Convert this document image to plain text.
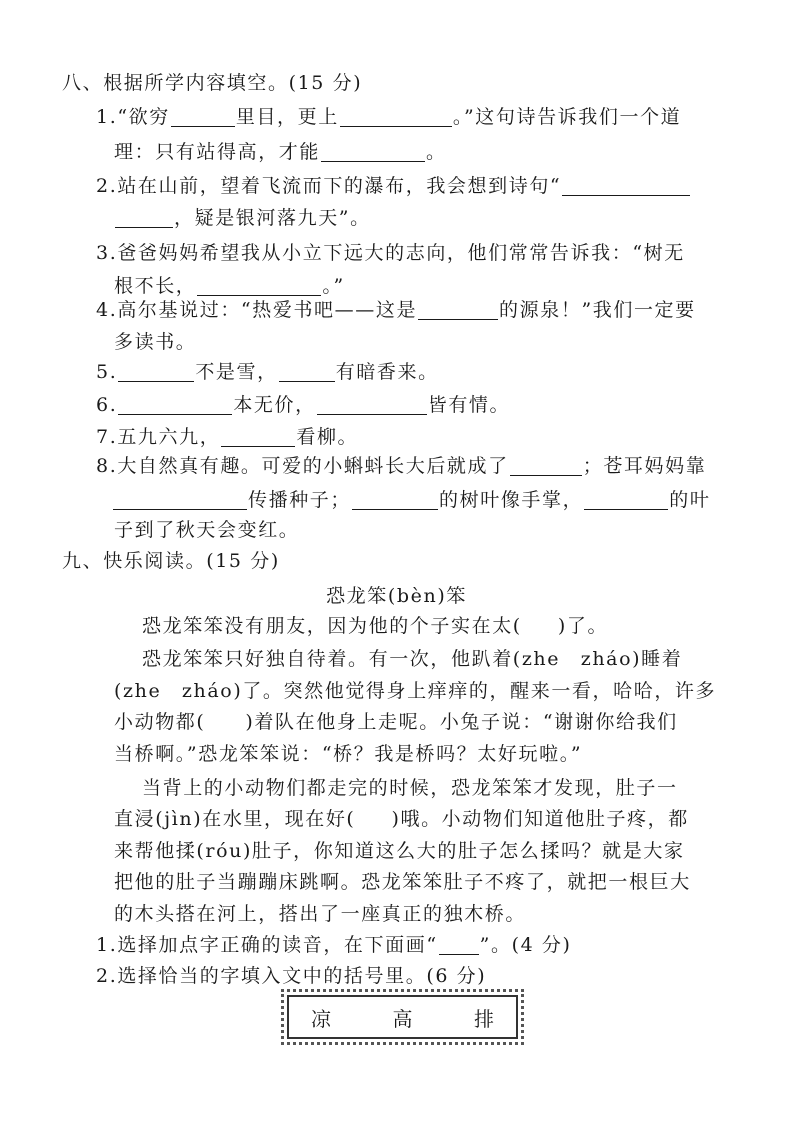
八、根据所学内容填空。(15 分)
1.“欲穷	里目，更上	。”这句诗告诉我们一个道
理：只有站得高，才能	。
2.站在山前，望着飞流而下的瀑布，我会想到诗句“
，疑是银河落九天”。
3.爸爸妈妈希望我从小立下远大的志向，他们常常告诉我：“树无
根不长，	。”
4.高尔基说过：“热爱书吧——这是	的源泉！”我们一定要
多读书。
5.	不是雪，	有暗香来。
6.	本无价，	皆有情。
7.五九六九，	看柳。
8.大自然真有趣。可爱的小蝌蚪长大后就成了	；苍耳妈妈靠
传播种子；	的树叶像手掌，	的叶
子到了秋天会变红。
九、快乐阅读。(15 分)
恐龙笨(bèn)笨
恐龙笨笨没有朋友，因为他的个子实在太( )了。
恐龙笨笨只好独自待着。有一次，他趴着(zhe　zháo)睡着
(zhe　zháo)了。突然他觉得身上痒痒的，醒来一看，哈哈，许多
小动物都( )着队在他身上走呢。小兔子说：“谢谢你给我们
当桥啊。”恐龙笨笨说：“桥？我是桥吗？太好玩啦。”
当背上的小动物们都走完的时候，恐龙笨笨才发现，肚子一
直浸(jìn)在水里，现在好( )哦。小动物们知道他肚子疼，都
来帮他揉(róu)肚子，你知道这么大的肚子怎么揉吗？就是大家
把他的肚子当蹦蹦床跳啊。恐龙笨笨肚子不疼了，就把一根巨大
的木头搭在河上，搭出了一座真正的独木桥。
1.选择加点字正确的读音，在下面画“ ”。(4 分)
2.选择恰当的字填入文中的括号里。(6 分)
凉	高	排
